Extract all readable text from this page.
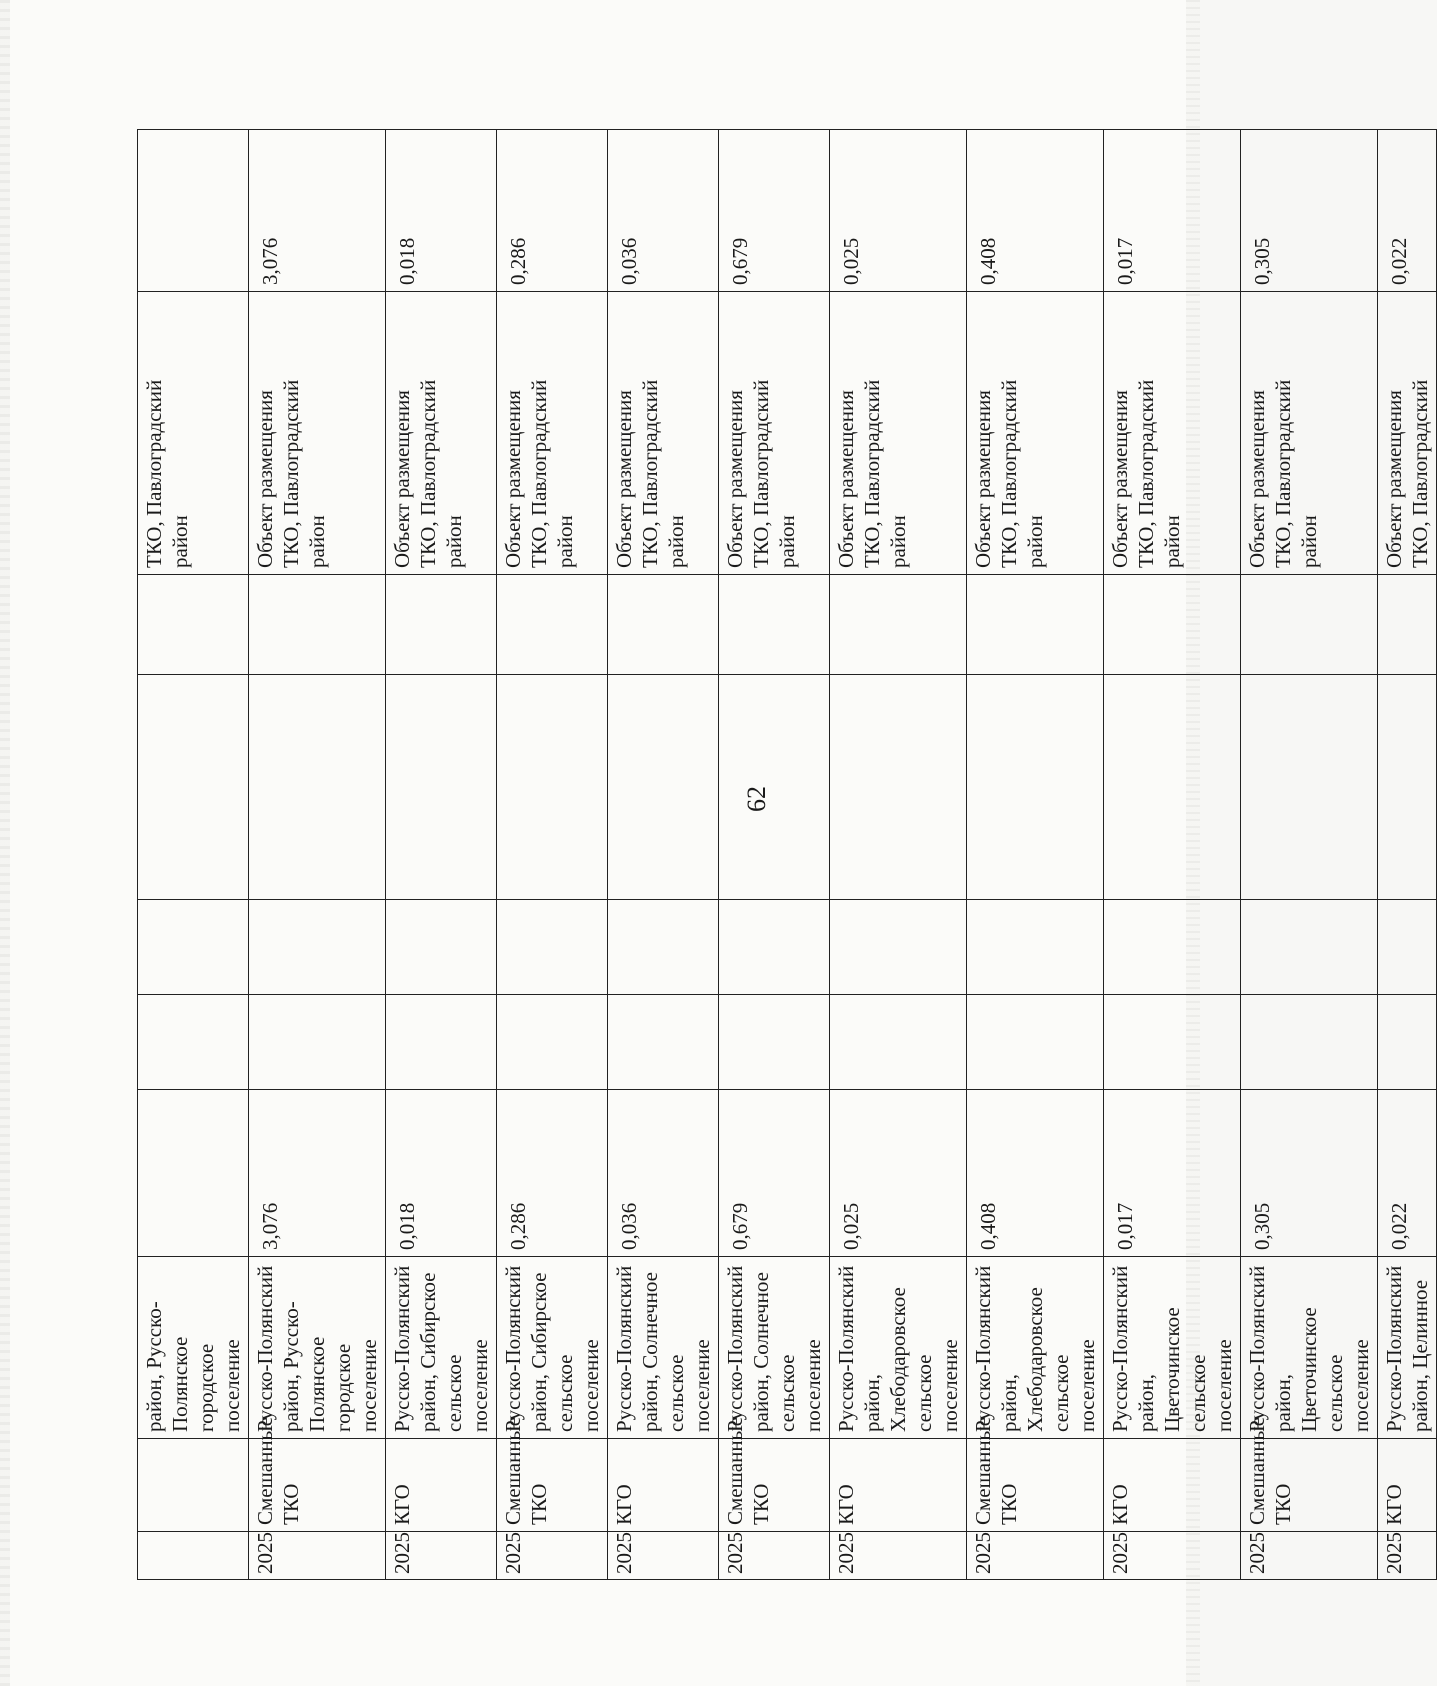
62

		район, Русско-
Полянское городское
поселение						ТКО, Павлоградский
район	

2025	Смешанные
ТКО	Русско-Полянский
район, Русско-
Полянское городское
поселение	3,076					Объект размещения
ТКО, Павлоградский
район	3,076

2025	КГО	Русско-Полянский
район, Сибирское
сельское поселение	0,018					Объект размещения
ТКО, Павлоградский
район	0,018

2025	Смешанные
ТКО	Русско-Полянский
район, Сибирское
сельское поселение	0,286					Объект размещения
ТКО, Павлоградский
район	0,286

2025	КГО	Русско-Полянский
район, Солнечное
сельское поселение	0,036					Объект размещения
ТКО, Павлоградский
район	0,036

2025	Смешанные
ТКО	Русско-Полянский
район, Солнечное
сельское поселение	0,679					Объект размещения
ТКО, Павлоградский
район	0,679

2025	КГО	Русско-Полянский
район, Хлебодаровское
сельское поселение	0,025					Объект размещения
ТКО, Павлоградский
район	0,025

2025	Смешанные
ТКО	Русско-Полянский
район, Хлебодаровское
сельское поселение	0,408					Объект размещения
ТКО, Павлоградский
район	0,408

2025	КГО	Русско-Полянский
район, Цветочинское
сельское поселение	0,017					Объект размещения
ТКО, Павлоградский
район	0,017

2025	Смешанные
ТКО	Русско-Полянский
район, Цветочинское
сельское поселение	0,305					Объект размещения
ТКО, Павлоградский
район	0,305

2025	КГО	Русско-Полянский
район, Целинное	0,022					Объект размещения
ТКО, Павлоградский	0,022
